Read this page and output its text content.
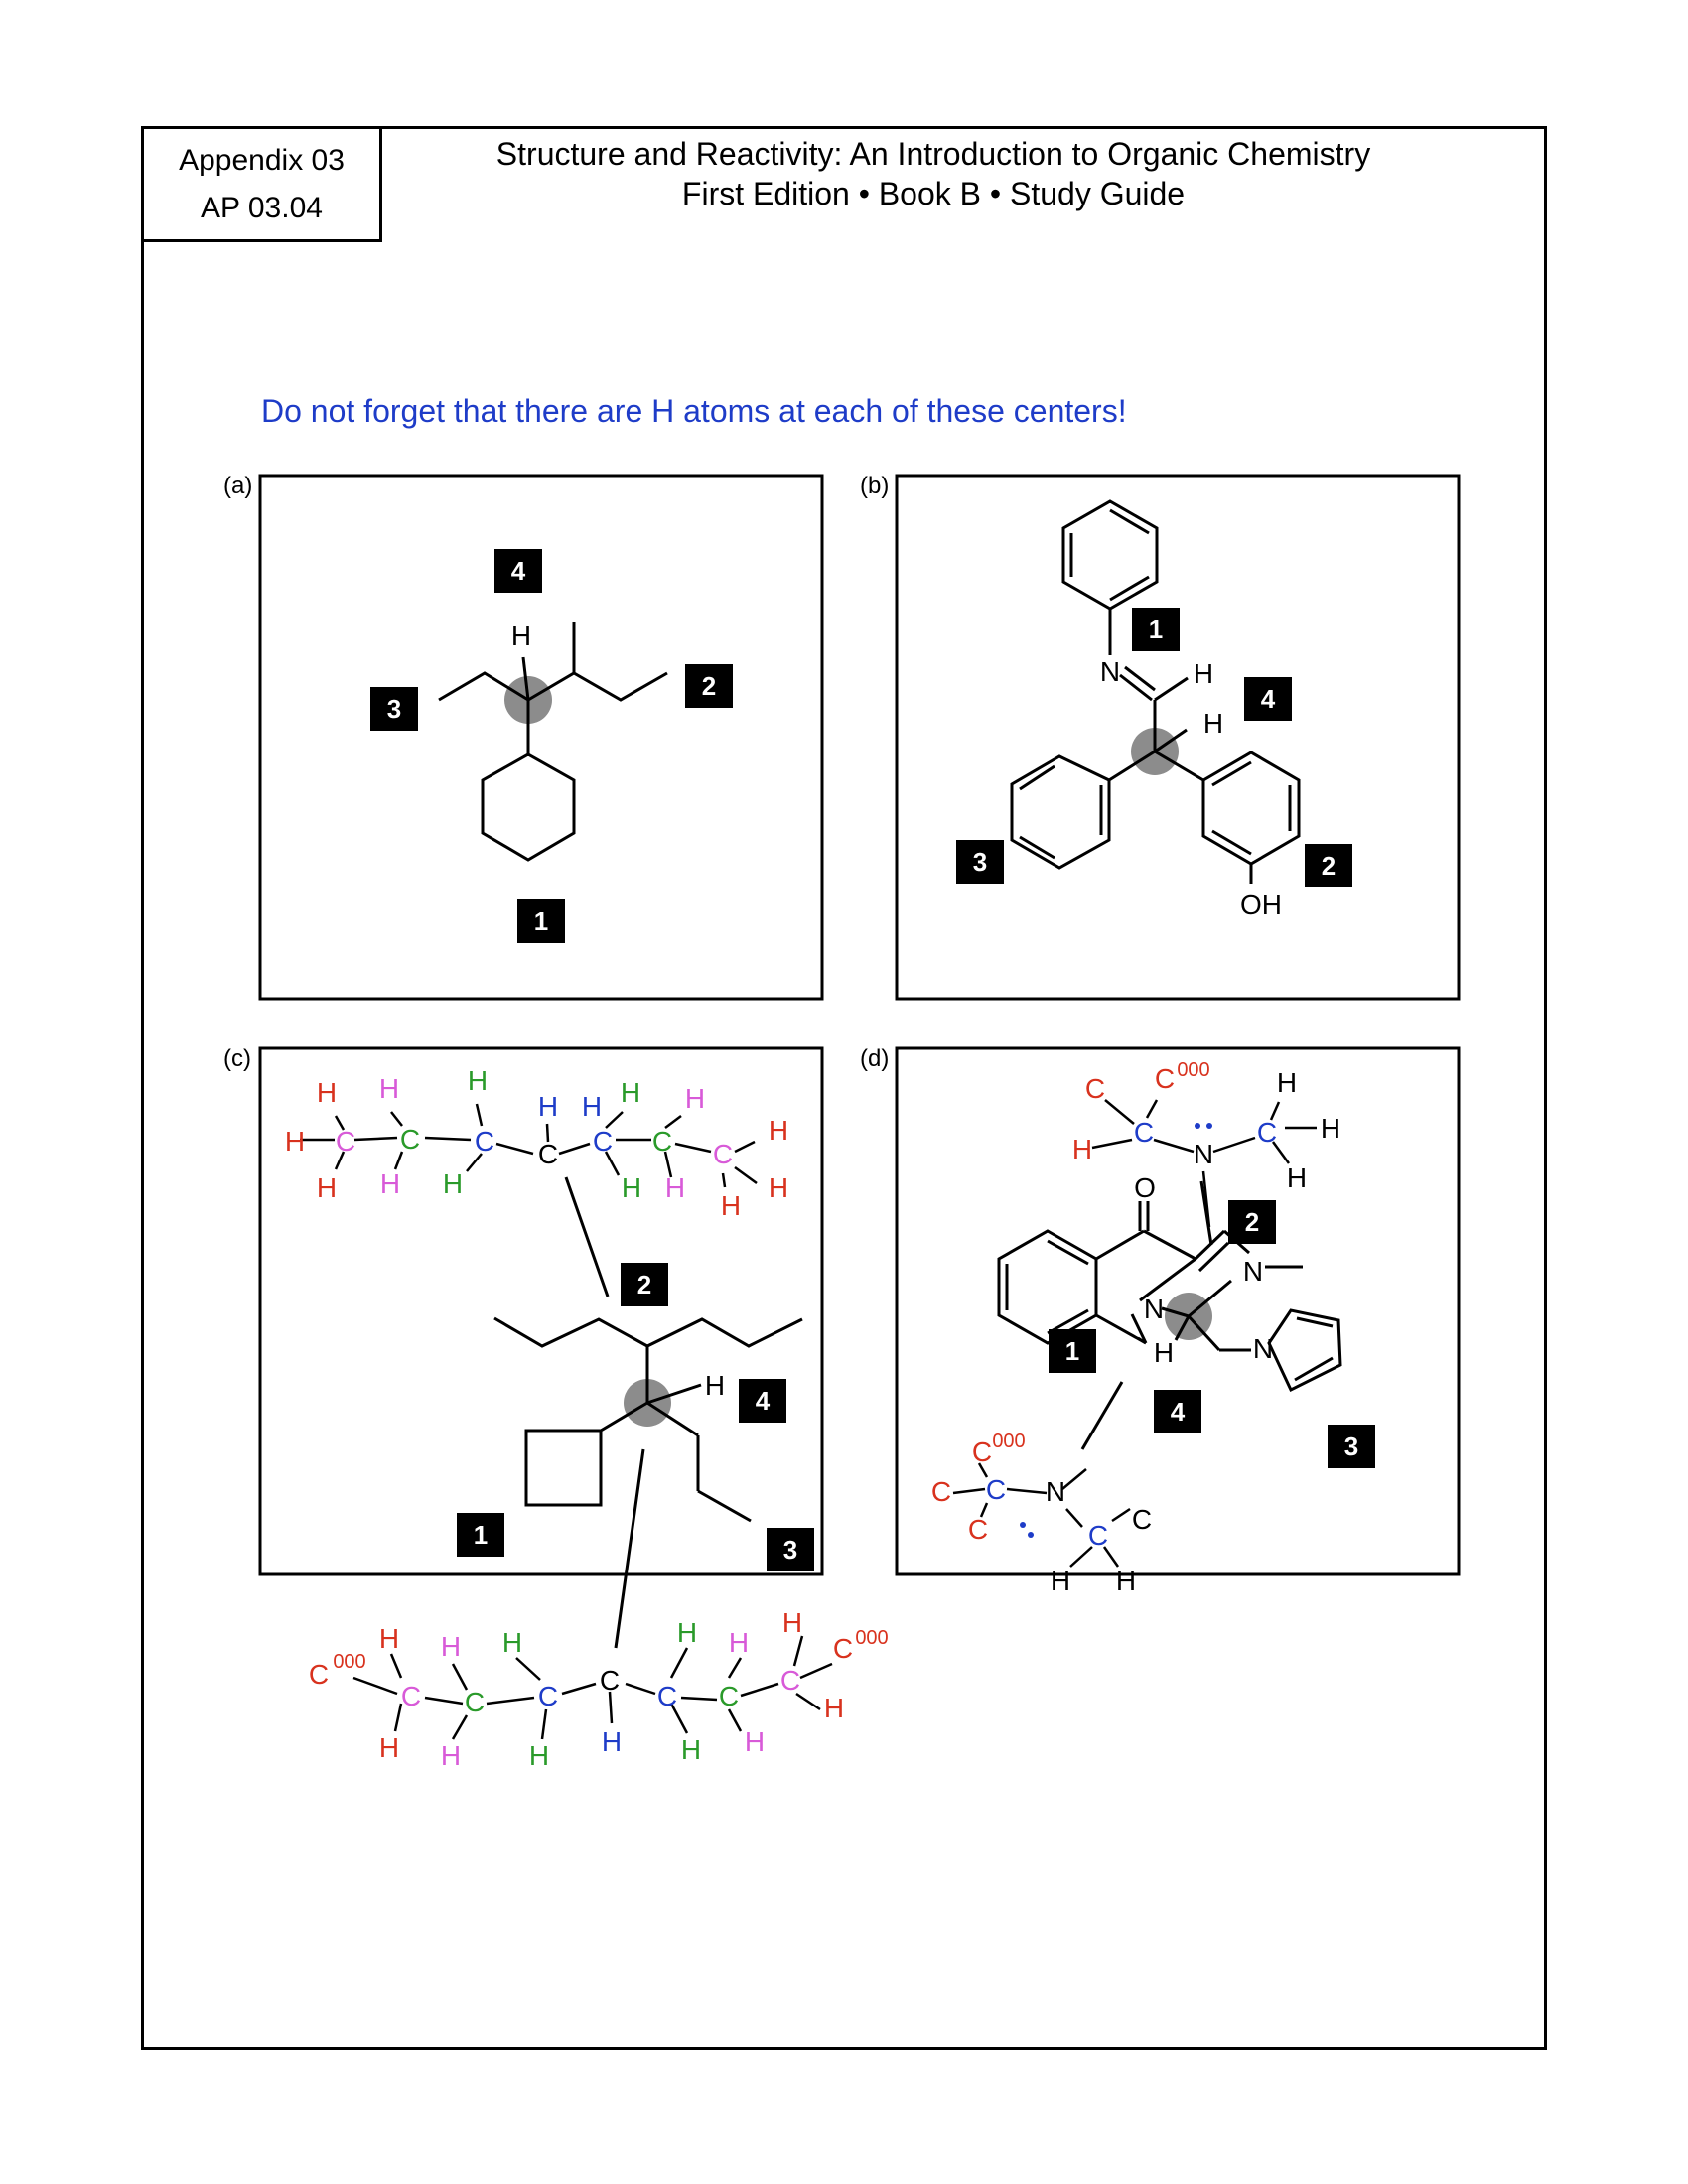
Appendix 03
AP 03.04
Structure and Reactivity: An Introduction to Organic Chemistry
First Edition • Book B • Study Guide
Do not forget that there are H atoms at each of these centers!
(a)
H
4
2
3
1
(b)
N	H
H
OH
1
4
3	2
(c)
C C C C C C C
H
H
H
H
H
H
H
H H
H
H
H
H
H
H
H
H
2
4
1	3
C 000	C 000
C C C
C
C C
C
H
H
H
H
H
H H
H
H
H
H
H
H
(d)
C C 000
C
N
C
H
H
H
H
O
N
N
N
H
2
1
4
3
C 000
C C
C
N
C
C
H H
